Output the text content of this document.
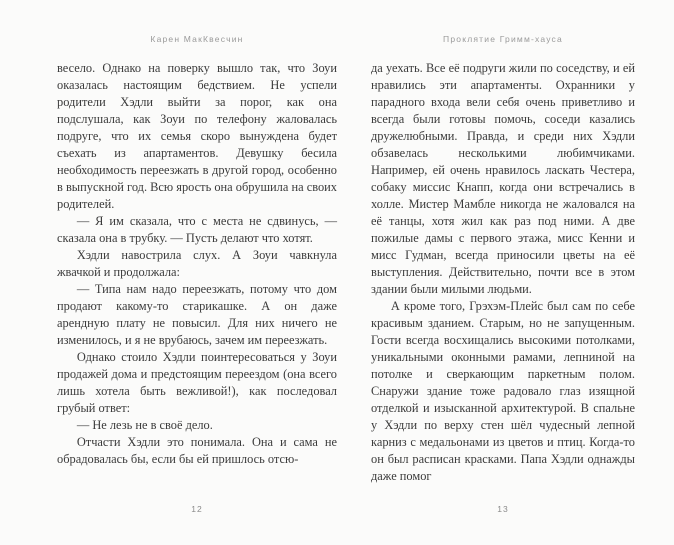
Карен МакКвесчин

весело. Однако на поверку вышло так, что Зоуи оказалась настоящим бедствием. Не успели родители Хэдли выйти за порог, как она подслушала, как Зоуи по телефону жаловалась подруге, что их семья скоро вынуждена будет съехать из апартаментов. Девушку бесила необходимость переезжать в другой город, особенно в выпускной год. Всю ярость она обрушила на своих родителей.

— Я им сказала, что с места не сдвинусь, — сказала она в трубку. — Пусть делают что хотят.

Хэдли навострила слух. А Зоуи чавкнула жвачкой и продолжала:

— Типа нам надо переезжать, потому что дом продают какому-то старикашке. А он даже арендную плату не повысил. Для них ничего не изменилось, и я не врубаюсь, зачем им переезжать.

Однако стоило Хэдли поинтересоваться у Зоуи продажей дома и предстоящим переездом (она всего лишь хотела быть вежливой!), как последовал грубый ответ:

— Не лезь не в своё дело.

Отчасти Хэдли это понимала. Она и сама не обрадовалась бы, если бы ей пришлось отсю-

12
Проклятие Гримм-хауса

да уехать. Все её подруги жили по соседству, и ей нравились эти апартаменты. Охранники у парадного входа вели себя очень приветливо и всегда были готовы помочь, соседи казались дружелюбными. Правда, и среди них Хэдли обзавелась несколькими любимчиками. Например, ей очень нравилось ласкать Честера, собаку миссис Кнапп, когда они встречались в холле. Мистер Мамбле никогда не жаловался на её танцы, хотя жил как раз под ними. А две пожилые дамы с первого этажа, мисс Кенни и мисс Гудман, всегда приносили цветы на её выступления. Действительно, почти все в этом здании были милыми людьми.

А кроме того, Грэхэм-Плейс был сам по себе красивым зданием. Старым, но не запущенным. Гости всегда восхищались высокими потолками, уникальными оконными рамами, лепниной на потолке и сверкающим паркетным полом. Снаружи здание тоже радовало глаз изящной отделкой и изысканной архитектурой. В спальне у Хэдли по верху стен шёл чудесный лепной карниз с медальонами из цветов и птиц. Когда-то он был расписан красками. Папа Хэдли однажды даже помог

13
